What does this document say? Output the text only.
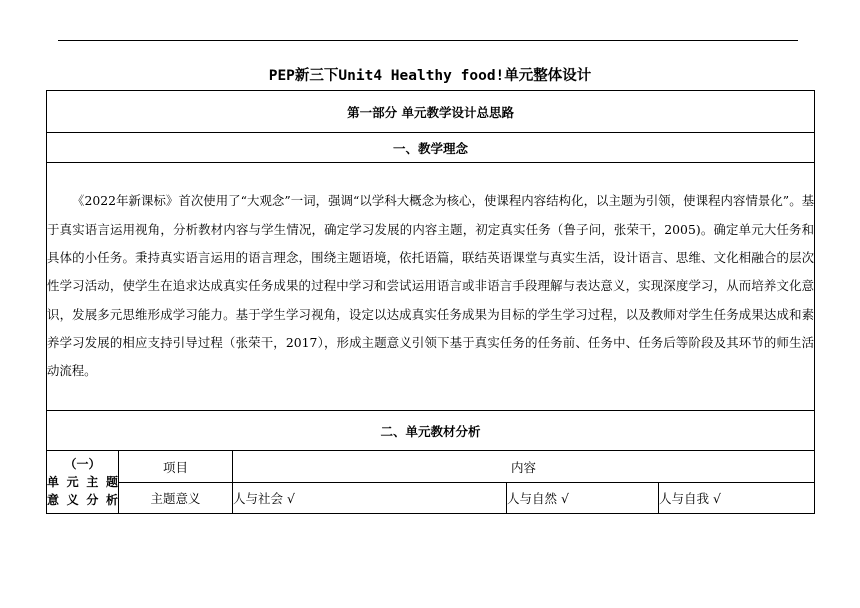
PEP新三下Unit4 Healthy food!单元整体设计
第一部分 单元教学设计总思路				
一、教学理念				
《2022年新课标》首次使用了“大观念”一词，强调“以学科大概念为核心，使课程内容结构化，以主题为引领，使课程内容情景化”。基于真实语言运用视角，分析教材内容与学生情况，确定学习发展的内容主题，初定真实任务（鲁子问，张荣干，2005)。确定单元大任务和具体的小任务。秉持真实语言运用的语言理念，围绕主题语境，依托语篇，联结英语课堂与真实生活，设计语言、思维、文化相融合的层次性学习活动，使学生在追求达成真实任务成果的过程中学习和尝试运用语言或非语言手段理解与表达意义，实现深度学习，从而培养文化意识，发展多元思维形成学习能力。基于学生学习视角，设定以达成真实任务成果为目标的学生学习过程，以及教师对学生任务成果达成和素养学习发展的相应支持引导过程（张荣干，2017），形成主题意义引领下基于真实任务的任务前、任务中、任务后等阶段及其环节的师生活动流程。				
二、单元教材分析				

（一）
单元主题
意义分析	项目	内容		
	主题意义	人与社会 √	人与自然 √	人与自我 √
